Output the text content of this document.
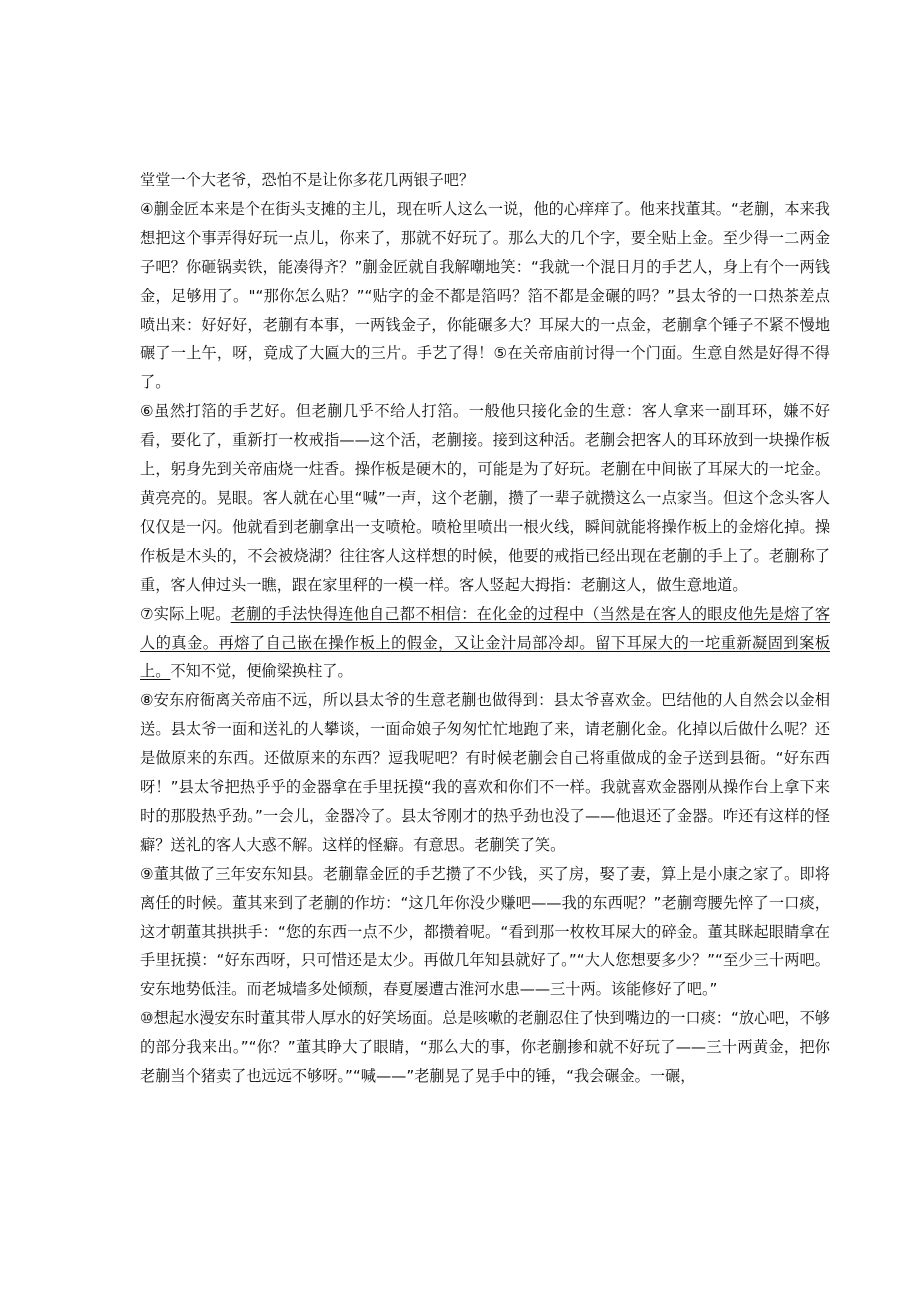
堂堂一个大老爷，恐怕不是让你多花几两银子吧？

④蒯金匠本来是个在街头支摊的主儿，现在听人这么一说，他的心痒痒了。他来找董其。“老蒯，本来我想把这个事弄得好玩一点儿，你来了，那就不好玩了。那么大的几个字，要全贴上金。至少得一二两金子吧？你砸锅卖铁，能凑得齐？”蒯金匠就自我解嘲地笑：“我就一个混日月的手艺人，身上有个一两钱金，足够用了。"“那你怎么贴？”“贴字的金不都是箔吗？箔不都是金碾的吗？”县太爷的一口热茶差点喷出来：好好好，老蒯有本事，一两钱金子，你能碾多大？耳屎大的一点金，老蒯拿个锤子不紧不慢地碾了一上午，呀，竟成了大匾大的三片。手艺了得！⑤在关帝庙前讨得一个门面。生意自然是好得不得了。

⑥虽然打箔的手艺好。但老蒯几乎不给人打箔。一般他只接化金的生意：客人拿来一副耳环，嫌不好看，要化了，重新打一枚戒指——这个活，老蒯接。接到这种活。老蒯会把客人的耳环放到一块操作板上，躬身先到关帝庙烧一炷香。操作板是硬木的，可能是为了好玩。老蒯在中间嵌了耳屎大的一坨金。黄亮亮的。晃眼。客人就在心里“喊”一声，这个老蒯，攒了一辈子就攒这么一点家当。但这个念头客人仅仅是一闪。他就看到老蒯拿出一支喷枪。喷枪里喷出一根火线，瞬间就能将操作板上的金熔化掉。操作板是木头的，不会被烧湖？往往客人这样想的时候，他要的戒指已经出现在老蒯的手上了。老蒯称了重，客人伸过头一瞧，跟在家里秤的一模一样。客人竖起大拇指：老蒯这人，做生意地道。

⑦实际上呢。老蒯的手法快得连他自己都不相信：在化金的过程中（当然是在客人的眼皮他先是熔了客人的真金。再熔了自己嵌在操作板上的假金，又让金汁局部冷却。留下耳屎大的一坨重新凝固到案板上。不知不觉，便偷梁换柱了。

⑧安东府衙离关帝庙不远，所以县太爷的生意老蒯也做得到：县太爷喜欢金。巴结他的人自然会以金相送。县太爷一面和送礼的人攀谈，一面命娘子匆匆忙忙地跑了来，请老蒯化金。化掉以后做什么呢？还是做原来的东西。还做原来的东西？逗我呢吧？有时候老蒯会自己将重做成的金子送到县衙。“好东西呀！”县太爷把热乎乎的金器拿在手里抚摸“我的喜欢和你们不一样。我就喜欢金器刚从操作台上拿下来时的那股热乎劲。”一会儿，金器冷了。县太爷刚才的热乎劲也没了——他退还了金器。咋还有这样的怪癖？送礼的客人大惑不解。这样的怪癖。有意思。老蒯笑了笑。

⑨董其做了三年安东知县。老蒯靠金匠的手艺攒了不少钱，买了房，娶了妻，算上是小康之家了。即将离任的时候。董其来到了老蒯的作坊：“这几年你没少赚吧——我的东西呢？”老蒯弯腰先悴了一口痰，这才朝董其拱拱手：“您的东西一点不少，都攒着呢。“看到那一枚枚耳屎大的碎金。董其眯起眼睛拿在手里抚摸：“好东西呀，只可惜还是太少。再做几年知县就好了。”“大人您想要多少？”“至少三十两吧。安东地势低洼。而老城墙多处倾颓，春夏屡遭古淮河水患——三十两。该能修好了吧。”

⑩想起水漫安东时董其带人厚水的好笑场面。总是咳嗽的老蒯忍住了快到嘴边的一口痰：“放心吧，不够的部分我来出。”“你？”董其睁大了眼睛，“那么大的事，你老蒯掺和就不好玩了——三十两黄金，把你老蒯当个猪卖了也远远不够呀。”“喊——”老蒯晃了晃手中的锤，“我会碾金。一碾，
